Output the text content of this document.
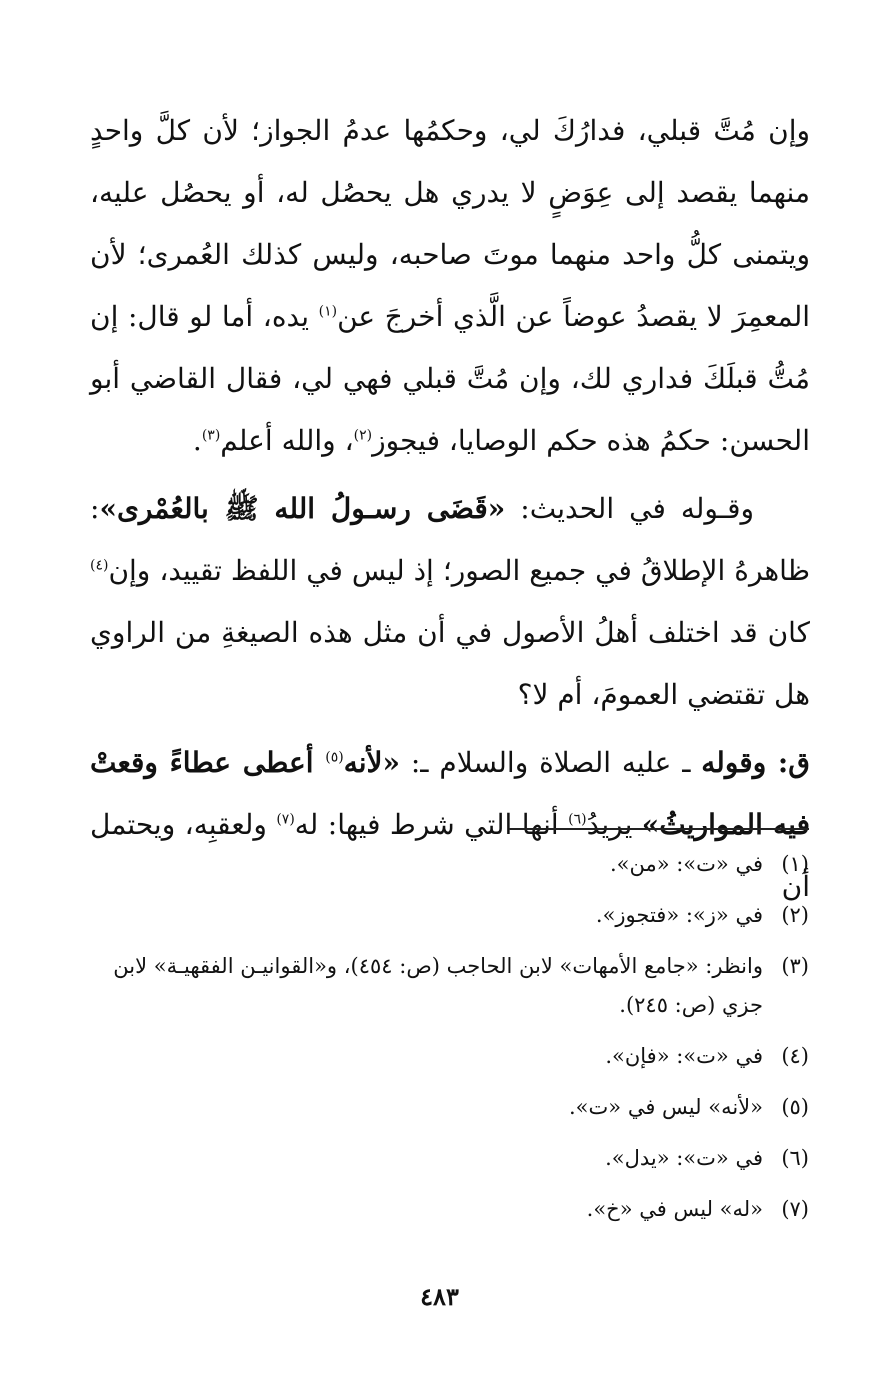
وإن مُتَّ قبلي، فدارُكَ لي، وحكمُها عدمُ الجواز؛ لأن كلَّ واحدٍ منهما يقصد إلى عِوَضٍ لا يدري هل يحصُل له، أو يحصُل عليه، ويتمنى كلُّ واحد منهما موتَ صاحبه، وليس كذلك العُمرى؛ لأن المعمِرَ لا يقصدُ عوضاً عن الَّذي أخرجَ عن$^{(١)}$ يده، أما لو قال: إن مُتُّ قبلَكَ فداري لك، وإن مُتَّ قبلي فهي لي، فقال القاضي أبو الحسن: حكمُ هذه حكم الوصايا، فيجوز$^{(٢)}$، والله أعلم$^{(٣)}$.

وقـوله في الحديث: «قَضَى رسـولُ الله ﷺ بالعُمْرى»: ظاهرهُ الإطلاقُ في جميع الصور؛ إذ ليس في اللفظ تقييد، وإن$^{(٤)}$ كان قد اختلف أهلُ الأصول في أن مثل هذه الصيغةِ من الراوي هل تقتضي العمومَ، أم لا؟

ق: وقوله ـ عليه الصلاة والسلام ـ: «لأنه$^{(٥)}$ أعطى عطاءً وقعتْ فيه المواريثُ» يريدُ$^{(٦)}$ أنها التي شرط فيها: له$^{(٧)}$ ولعقبِه، ويحتمل أن

(١)
في «ت»: «من».
(٢)
في «ز»: «فتجوز».
(٣)
وانظر: «جامع الأمهات» لابن الحاجب (ص: ٤٥٤)، و«القوانيـن الفقهيـة» لابن جزي (ص: ٢٤٥).
(٤)
في «ت»: «فإن».
(٥)
«لأنه» ليس في «ت».
(٦)
في «ت»: «يدل».
(٧)
«له» ليس في «خ».
٤٨٣
